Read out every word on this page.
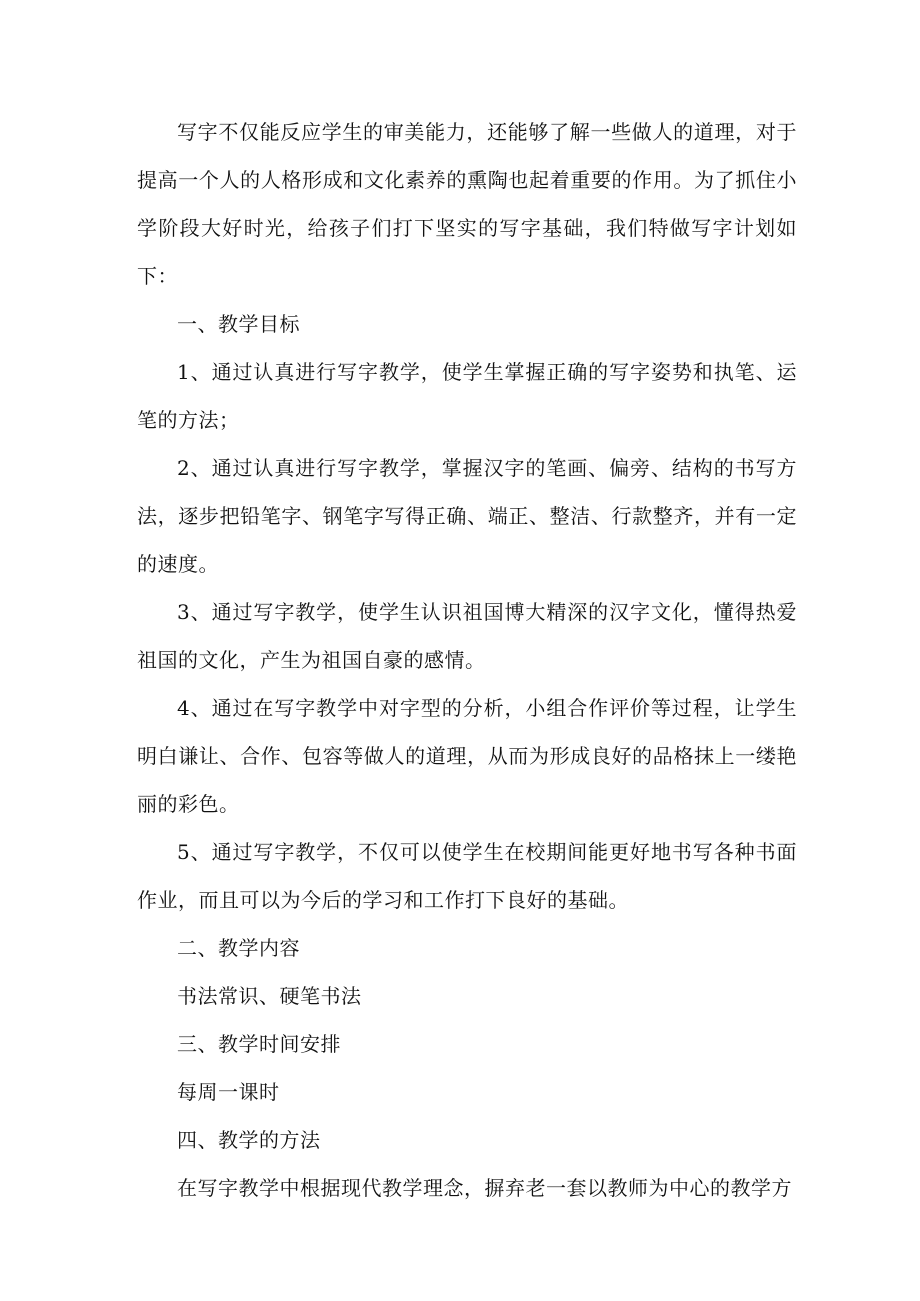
写字不仅能反应学生的审美能力，还能够了解一些做人的道理，对于提高一个人的人格形成和文化素养的熏陶也起着重要的作用。为了抓住小学阶段大好时光，给孩子们打下坚实的写字基础，我们特做写字计划如下：

一、教学目标

1、通过认真进行写字教学，使学生掌握正确的写字姿势和执笔、运笔的方法；

2、通过认真进行写字教学，掌握汉字的笔画、偏旁、结构的书写方法，逐步把铅笔字、钢笔字写得正确、端正、整洁、行款整齐，并有一定的速度。

3、通过写字教学，使学生认识祖国博大精深的汉字文化，懂得热爱祖国的文化，产生为祖国自豪的感情。

4、通过在写字教学中对字型的分析，小组合作评价等过程，让学生明白谦让、合作、包容等做人的道理，从而为形成良好的品格抹上一缕艳丽的彩色。

5、通过写字教学，不仅可以使学生在校期间能更好地书写各种书面作业，而且可以为今后的学习和工作打下良好的基础。

二、教学内容

书法常识、硬笔书法

三、教学时间安排

每周一课时

四、教学的方法

在写字教学中根据现代教学理念，摒弃老一套以教师为中心的教学方
